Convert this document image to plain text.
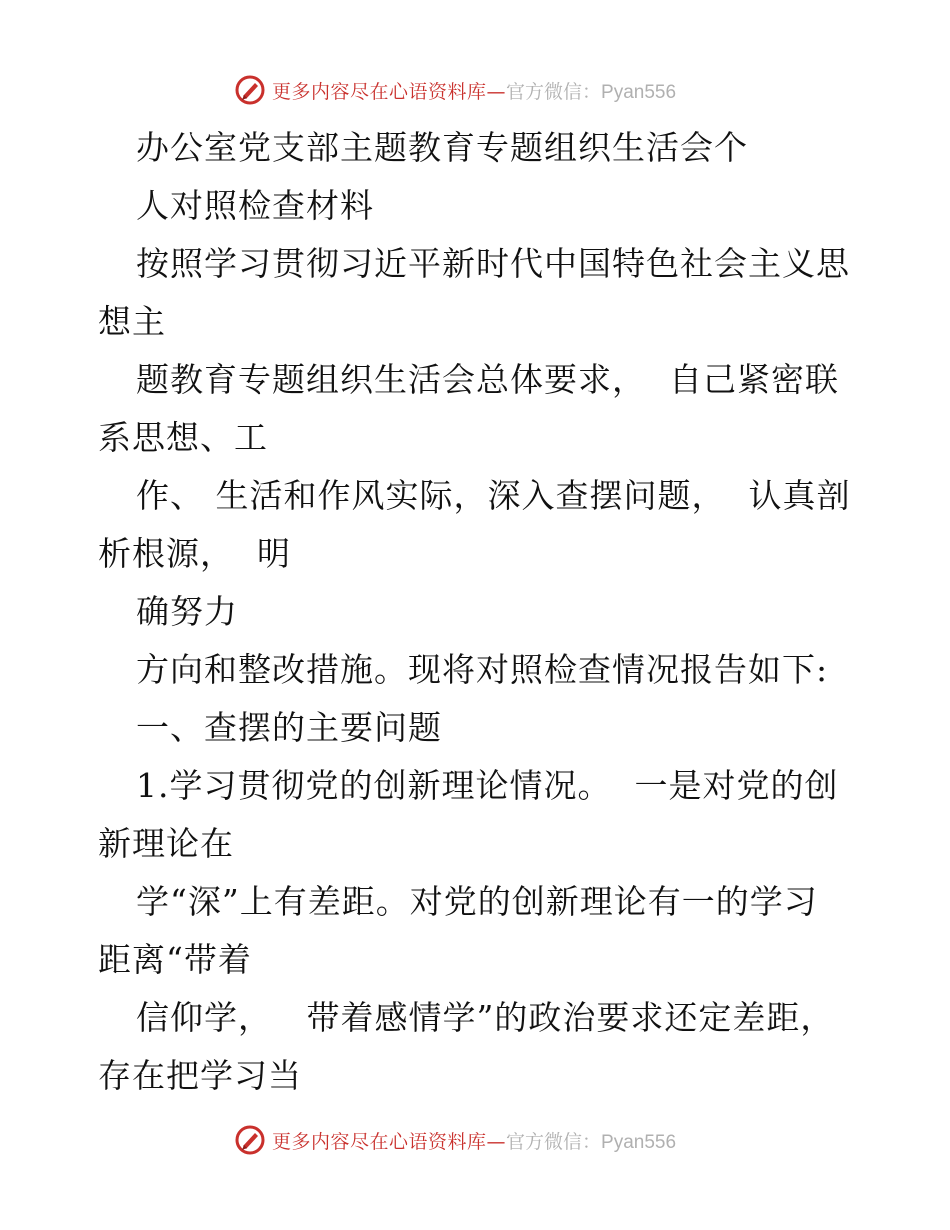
更多内容尽在心语资料库— 官方微信：Pyan556
办公室党支部主题教育专题组织生活会个
人对照检查材料
按照学习贯彻习近平新时代中国特色社会主义思
想主
题教育专题组织生活会总体要求，  自己紧密联
系思想、工
作、 生活和作风实际，深入查摆问题，  认真剖
析根源，  明
确努力
方向和整改措施。现将对照检查情况报告如下:
一、查摆的主要问题
1.学习贯彻党的创新理论情况。  一是对党的创
新理论在
学“深”上有差距。对党的创新理论有一的学习
距离“带着
信仰学，   带着感情学”的政治要求还定差距，
存在把学习当
更多内容尽在心语资料库— 官方微信：Pyan556
